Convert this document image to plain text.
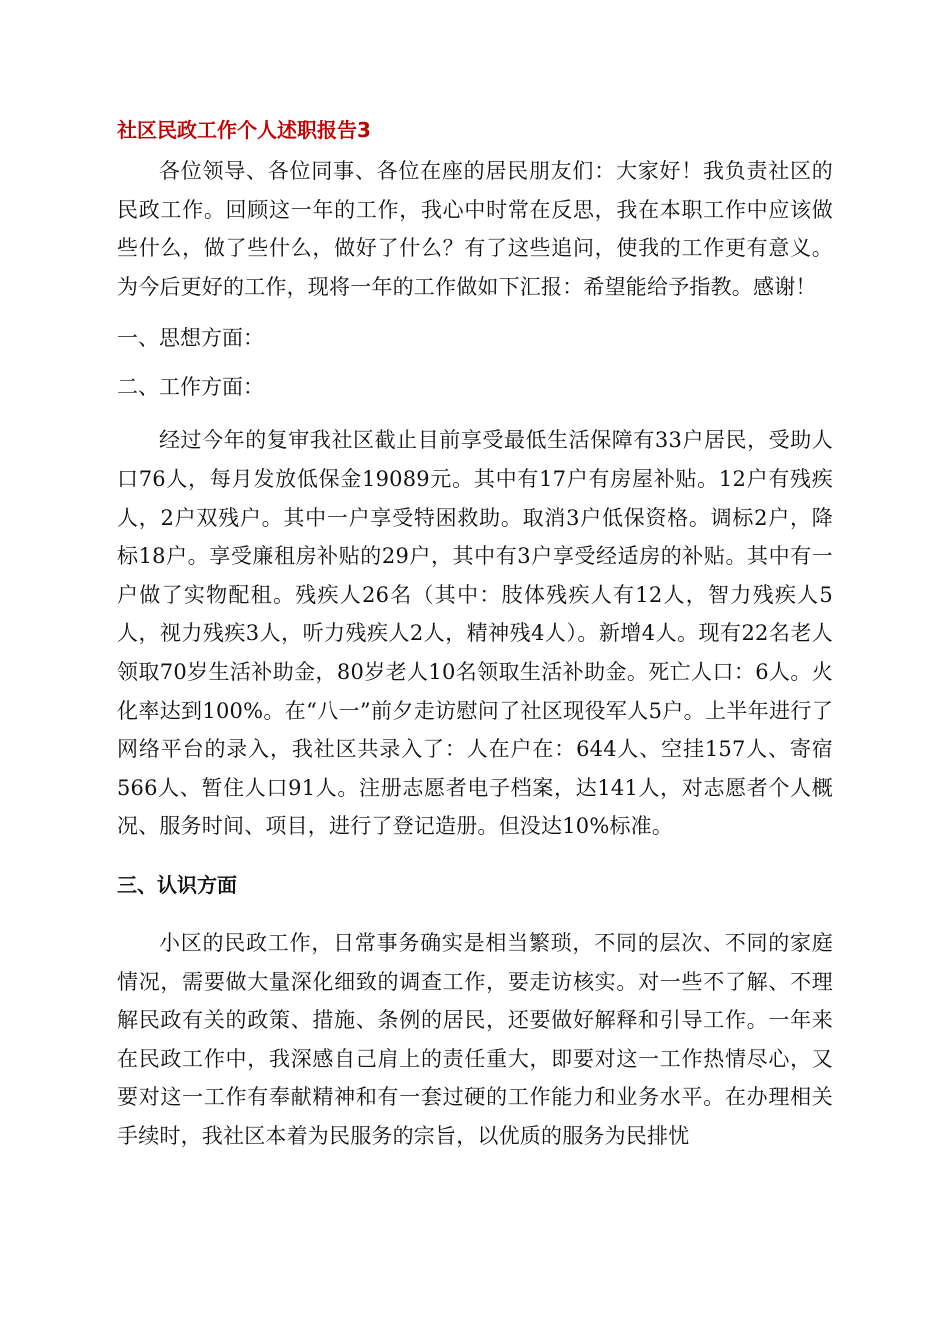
社区民政工作个人述职报告3

各位领导、各位同事、各位在座的居民朋友们：大家好！我负责社区的民政工作。回顾这一年的工作，我心中时常在反思，我在本职工作中应该做些什么，做了些什么，做好了什么？有了这些追问，使我的工作更有意义。为今后更好的工作，现将一年的工作做如下汇报：希望能给予指教。感谢！

一、思想方面：

二、工作方面：

经过今年的复审我社区截止目前享受最低生活保障有33户居民，受助人口76人，每月发放低保金19089元。其中有17户有房屋补贴。12户有残疾人，2户双残户。其中一户享受特困救助。取消3户低保资格。调标2户，降标18户。享受廉租房补贴的29户，其中有3户享受经适房的补贴。其中有一户做了实物配租。残疾人26名（其中：肢体残疾人有12人，智力残疾人5人，视力残疾3人，听力残疾人2人，精神残4人）。新增4人。现有22名老人领取70岁生活补助金，80岁老人10名领取生活补助金。死亡人口：6人。火化率达到100%。在“八一”前夕走访慰问了社区现役军人5户。上半年进行了网络平台的录入，我社区共录入了：人在户在：644人、空挂157人、寄宿566人、暂住人口91人。注册志愿者电子档案，达141人，对志愿者个人概况、服务时间、项目，进行了登记造册。但没达10%标准。

三、认识方面

小区的民政工作，日常事务确实是相当繁琐，不同的层次、不同的家庭情况，需要做大量深化细致的调查工作，要走访核实。对一些不了解、不理解民政有关的政策、措施、条例的居民，还要做好解释和引导工作。一年来在民政工作中，我深感自己肩上的责任重大，即要对这一工作热情尽心，又要对这一工作有奉献精神和有一套过硬的工作能力和业务水平。在办理相关手续时，我社区本着为民服务的宗旨，以优质的服务为民排忧
